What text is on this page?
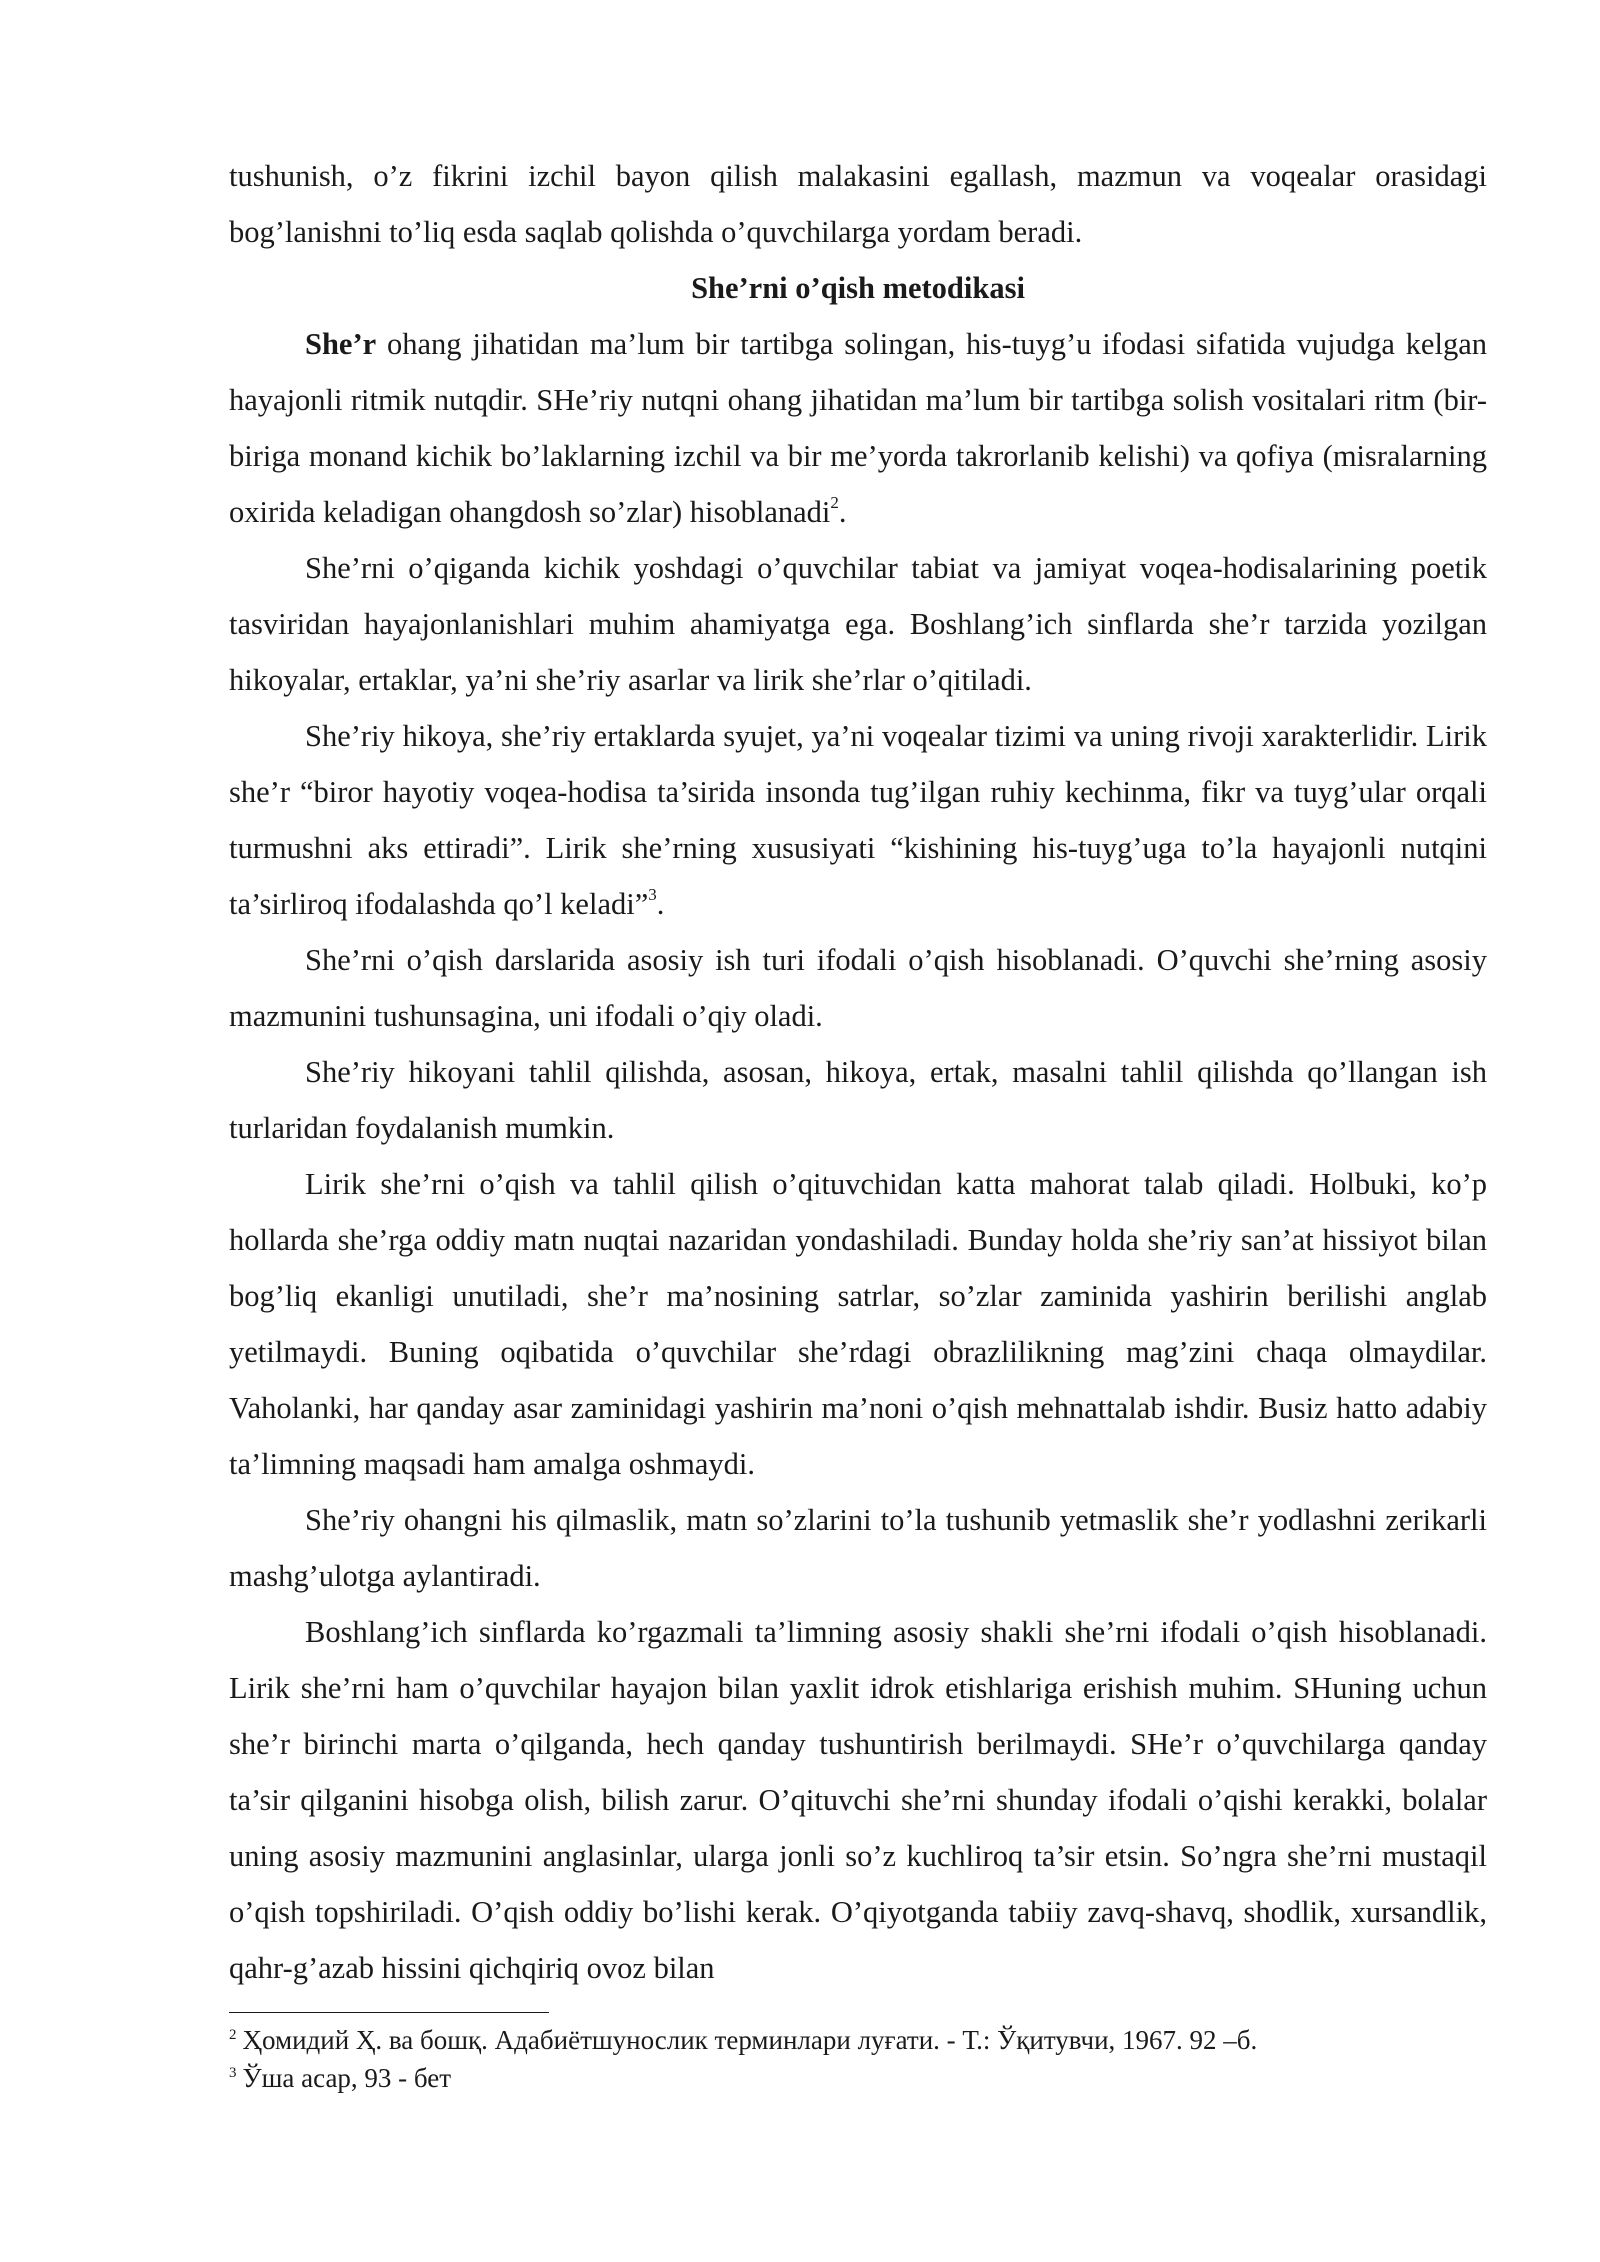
tushunish, o’z fikrini izchil bayon qilish malakasini egallash, mazmun va voqealar orasidagi bog’lanishni to’liq esda saqlab qolishda o’quvchilarga yordam beradi.

She’rni o’qish metodikasi

She’r ohang jihatidan ma’lum bir tartibga solingan, his-tuyg’u ifodasi sifatida vujudga kelgan hayajonli ritmik nutqdir. SHe’riy nutqni ohang jihatidan ma’lum bir tartibga solish vositalari ritm (bir-biriga monand kichik bo’laklarning izchil va bir me’yorda takrorlanib kelishi) va qofiya (misralarning oxirida keladigan ohangdosh so’zlar) hisoblanadi$^2$.

She’rni o’qiganda kichik yoshdagi o’quvchilar tabiat va jamiyat voqea-hodisalarining poetik tasviridan hayajonlanishlari muhim ahamiyatga ega. Boshlang’ich sinflarda she’r tarzida yozilgan hikoyalar, ertaklar, ya’ni she’riy asarlar va lirik she’rlar o’qitiladi.

She’riy hikoya, she’riy ertaklarda syujet, ya’ni voqealar tizimi va uning rivoji xarakterlidir. Lirik she’r “biror hayotiy voqea-hodisa ta’sirida insonda tug’ilgan ruhiy kechinma, fikr va tuyg’ular orqali turmushni aks ettiradi”. Lirik she’rning xususiyati “kishining his-tuyg’uga to’la hayajonli nutqini ta’sirliroq ifodalashda qo’l keladi”$^3$.

She’rni o’qish darslarida asosiy ish turi ifodali o’qish hisoblanadi. O’quvchi she’rning asosiy mazmunini tushunsagina, uni ifodali o’qiy oladi.

She’riy hikoyani tahlil qilishda, asosan, hikoya, ertak, masalni tahlil qilishda qo’llangan ish turlaridan foydalanish mumkin.

Lirik she’rni o’qish va tahlil qilish o’qituvchidan katta mahorat talab qiladi. Holbuki, ko’p hollarda she’rga oddiy matn nuqtai nazaridan yondashiladi. Bunday holda she’riy san’at hissiyot bilan bog’liq ekanligi unutiladi, she’r ma’nosining satrlar, so’zlar zaminida yashirin berilishi anglab yetilmaydi. Buning oqibatida o’quvchilar she’rdagi obrazlilikning mag’zini chaqa olmaydilar. Vaholanki, har qanday asar zaminidagi yashirin ma’noni o’qish mehnattalab ishdir. Busiz hatto adabiy ta’limning maqsadi ham amalga oshmaydi.

She’riy ohangni his qilmaslik, matn so’zlarini to’la tushunib yetmaslik she’r yodlashni zerikarli mashg’ulotga aylantiradi.

Boshlang’ich sinflarda ko’rgazmali ta’limning asosiy shakli she’rni ifodali o’qish hisoblanadi. Lirik she’rni ham o’quvchilar hayajon bilan yaxlit idrok etishlariga erishish muhim. SHuning uchun she’r birinchi marta o’qilganda, hech qanday tushuntirish berilmaydi. SHe’r o’quvchilarga qanday ta’sir qilganini hisobga olish, bilish zarur. O’qituvchi she’rni shunday ifodali o’qishi kerakki, bolalar uning asosiy mazmunini anglasinlar, ularga jonli so’z kuchliroq ta’sir etsin. So’ngra she’rni mustaqil o’qish topshiriladi. O’qish oddiy bo’lishi kerak. O’qiyotganda tabiiy zavq-shavq, shodlik, xursandlik, qahr-g’azab hissini qichqiriq ovoz bilan

$^2$ Ҳомидий Ҳ. ва бошқ. Адабиётшунослик терминлари луғати. - Т.: Ўқитувчи, 1967. 92 –б.

$^3$ Ўша асар, 93 - бет
